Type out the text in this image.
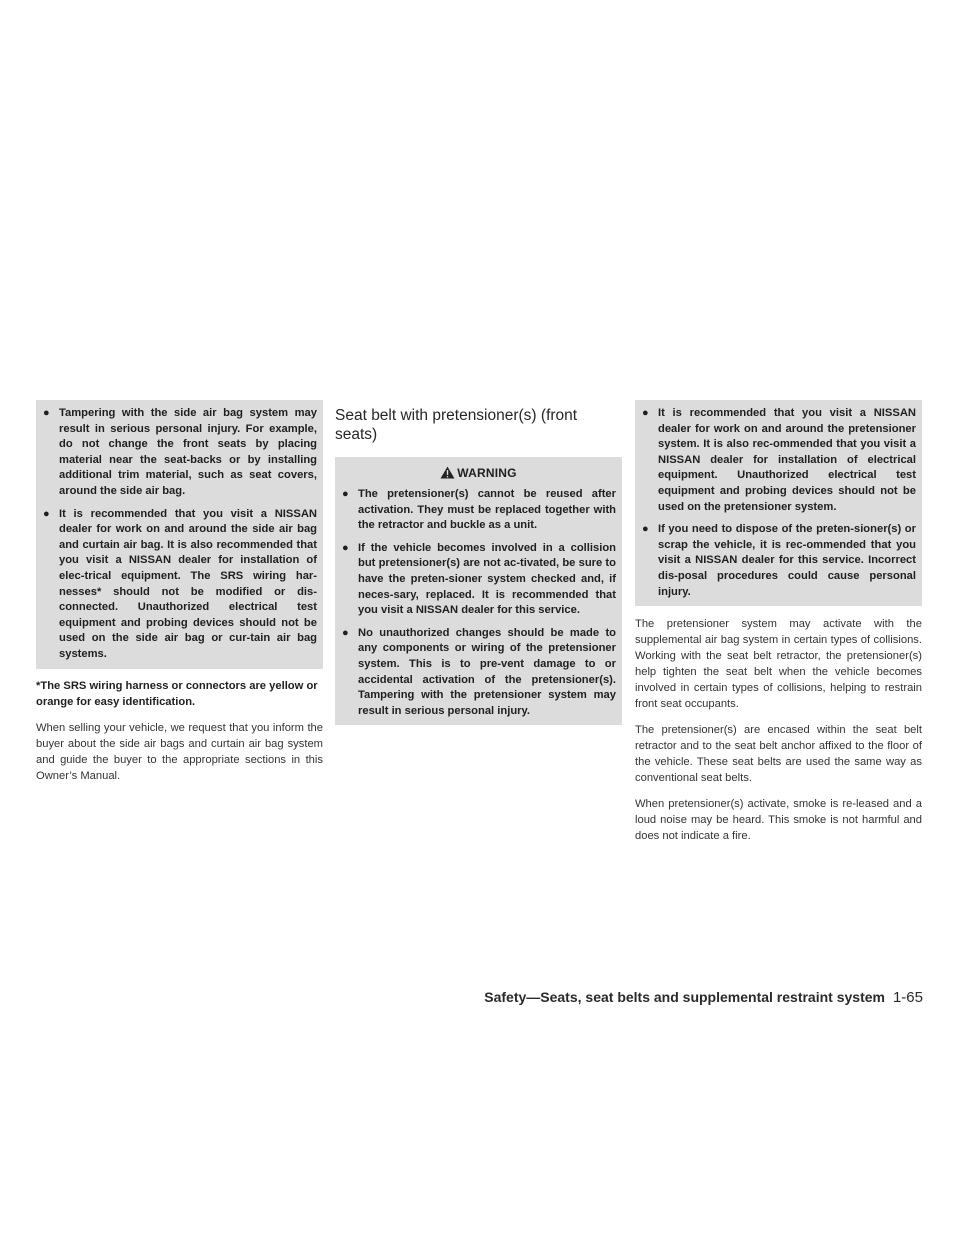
● Tampering with the side air bag system may result in serious personal injury. For example, do not change the front seats by placing material near the seat-backs or by installing additional trim material, such as seat covers, around the side air bag.
● It is recommended that you visit a NISSAN dealer for work on and around the side air bag and curtain air bag. It is also recommended that you visit a NISSAN dealer for installation of elec-trical equipment. The SRS wiring har-nesses* should not be modified or dis-connected. Unauthorized electrical test equipment and probing devices should not be used on the side air bag or cur-tain air bag systems.

*The SRS wiring harness or connectors are yellow or orange for easy identification.

When selling your vehicle, we request that you inform the buyer about the side air bags and curtain air bag system and guide the buyer to the appropriate sections in this Owner’s Manual.

Seat belt with pretensioner(s) (front seats)
WARNING
● The pretensioner(s) cannot be reused after activation. They must be replaced together with the retractor and buckle as a unit.
● If the vehicle becomes involved in a collision but pretensioner(s) are not ac-tivated, be sure to have the preten-sioner system checked and, if neces-sary, replaced. It is recommended that you visit a NISSAN dealer for this service.
● No unauthorized changes should be made to any components or wiring of the pretensioner system. This is to pre-vent damage to or accidental activation of the pretensioner(s). Tampering with the pretensioner system may result in serious personal injury.
● It is recommended that you visit a NISSAN dealer for work on and around the pretensioner system. It is also rec-ommended that you visit a NISSAN dealer for installation of electrical equipment. Unauthorized electrical test equipment and probing devices should not be used on the pretensioner system.
● If you need to dispose of the preten-sioner(s) or scrap the vehicle, it is rec-ommended that you visit a NISSAN dealer for this service. Incorrect dis-posal procedures could cause personal injury.

The pretensioner system may activate with the supplemental air bag system in certain types of collisions. Working with the seat belt retractor, the pretensioner(s) help tighten the seat belt when the vehicle becomes involved in certain types of collisions, helping to restrain front seat occupants.

The pretensioner(s) are encased within the seat belt retractor and to the seat belt anchor affixed to the floor of the vehicle. These seat belts are used the same way as conventional seat belts.

When pretensioner(s) activate, smoke is re-leased and a loud noise may be heard. This smoke is not harmful and does not indicate a fire.

Safety—Seats, seat belts and supplemental restraint system 1-65
